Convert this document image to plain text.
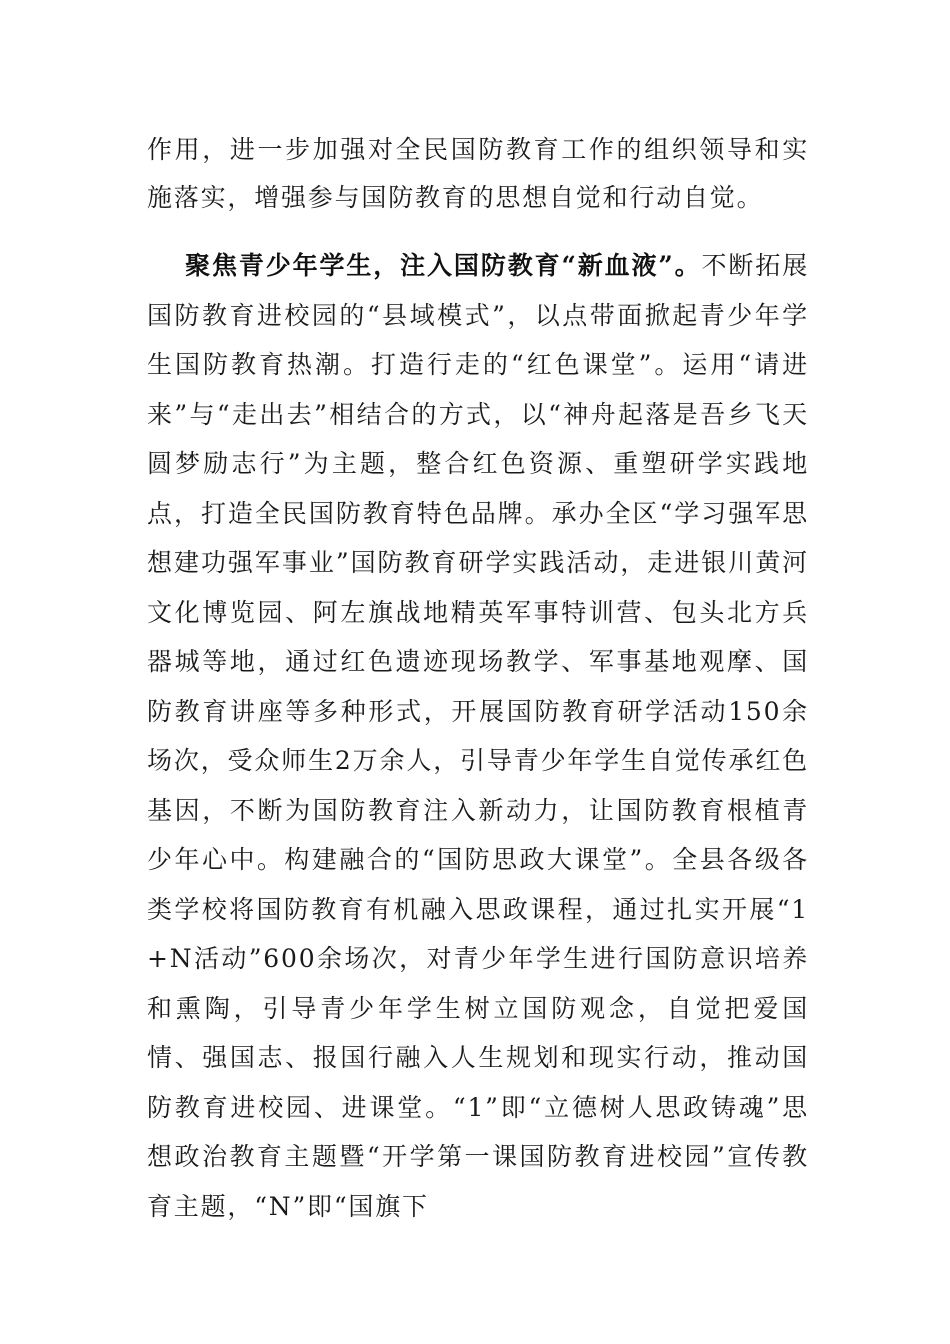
作用，进一步加强对全民国防教育工作的组织领导和实施落实，增强参与国防教育的思想自觉和行动自觉。
聚焦青少年学生，注入国防教育“新血液”。不断拓展国防教育进校园的“县域模式”，以点带面掀起青少年学生国防教育热潮。打造行走的“红色课堂”。运用“请进来”与“走出去”相结合的方式，以“神舟起落是吾乡飞天圆梦励志行”为主题，整合红色资源、重塑研学实践地点，打造全民国防教育特色品牌。承办全区“学习强军思想建功强军事业”国防教育研学实践活动，走进银川黄河文化博览园、阿左旗战地精英军事特训营、包头北方兵器城等地，通过红色遗迹现场教学、军事基地观摩、国防教育讲座等多种形式，开展国防教育研学活动150余场次，受众师生2万余人，引导青少年学生自觉传承红色基因，不断为国防教育注入新动力，让国防教育根植青少年心中。构建融合的“国防思政大课堂”。全县各级各类学校将国防教育有机融入思政课程，通过扎实开展“1+N活动”600余场次，对青少年学生进行国防意识培养和熏陶，引导青少年学生树立国防观念，自觉把爱国情、强国志、报国行融入人生规划和现实行动，推动国防教育进校园、进课堂。“1”即“立德树人思政铸魂”思想政治教育主题暨“开学第一课国防教育进校园”宣传教育主题，“N”即“国旗下
